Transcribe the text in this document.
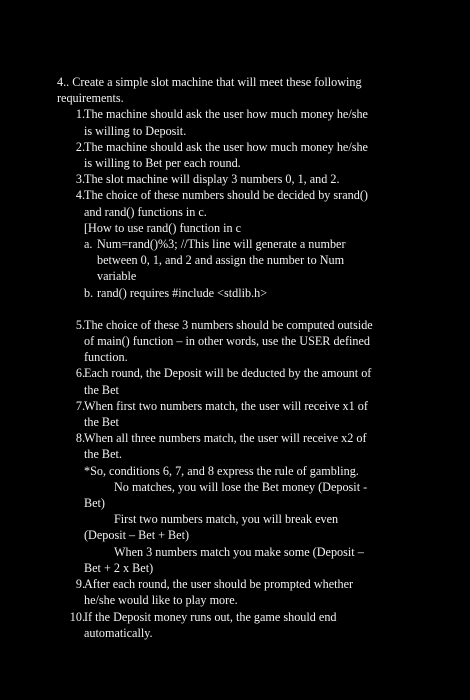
4.. Create a simple slot machine that will meet these following
requirements.
1. The machine should ask the user how much money he/she
is willing to Deposit.
2. The machine should ask the user how much money he/she
is willing to Bet per each round.
3. The slot machine will display 3 numbers 0, 1, and 2.
4. The choice of these numbers should be decided by srand()
and rand() functions in c.
[How to use rand() function in c
a. Num=rand()%3; //This line will generate a number
between 0, 1, and 2 and assign the number to Num
variable
b. rand() requires #include <stdlib.h>
5. The choice of these 3 numbers should be computed outside
of main() function – in other words, use the USER defined
function.
6. Each round, the Deposit will be deducted by the amount of
the Bet
7. When first two numbers match, the user will receive x1 of
the Bet
8. When all three numbers match, the user will receive x2 of
the Bet.
*So, conditions 6, 7, and 8 express the rule of gambling.
No matches, you will lose the Bet money (Deposit -
Bet)
First two numbers match, you will break even
(Deposit – Bet + Bet)
When 3 numbers match you make some (Deposit –
Bet + 2 x Bet)
9. After each round, the user should be prompted whether
he/she would like to play more.
10. If the Deposit money runs out, the game should end
automatically.
